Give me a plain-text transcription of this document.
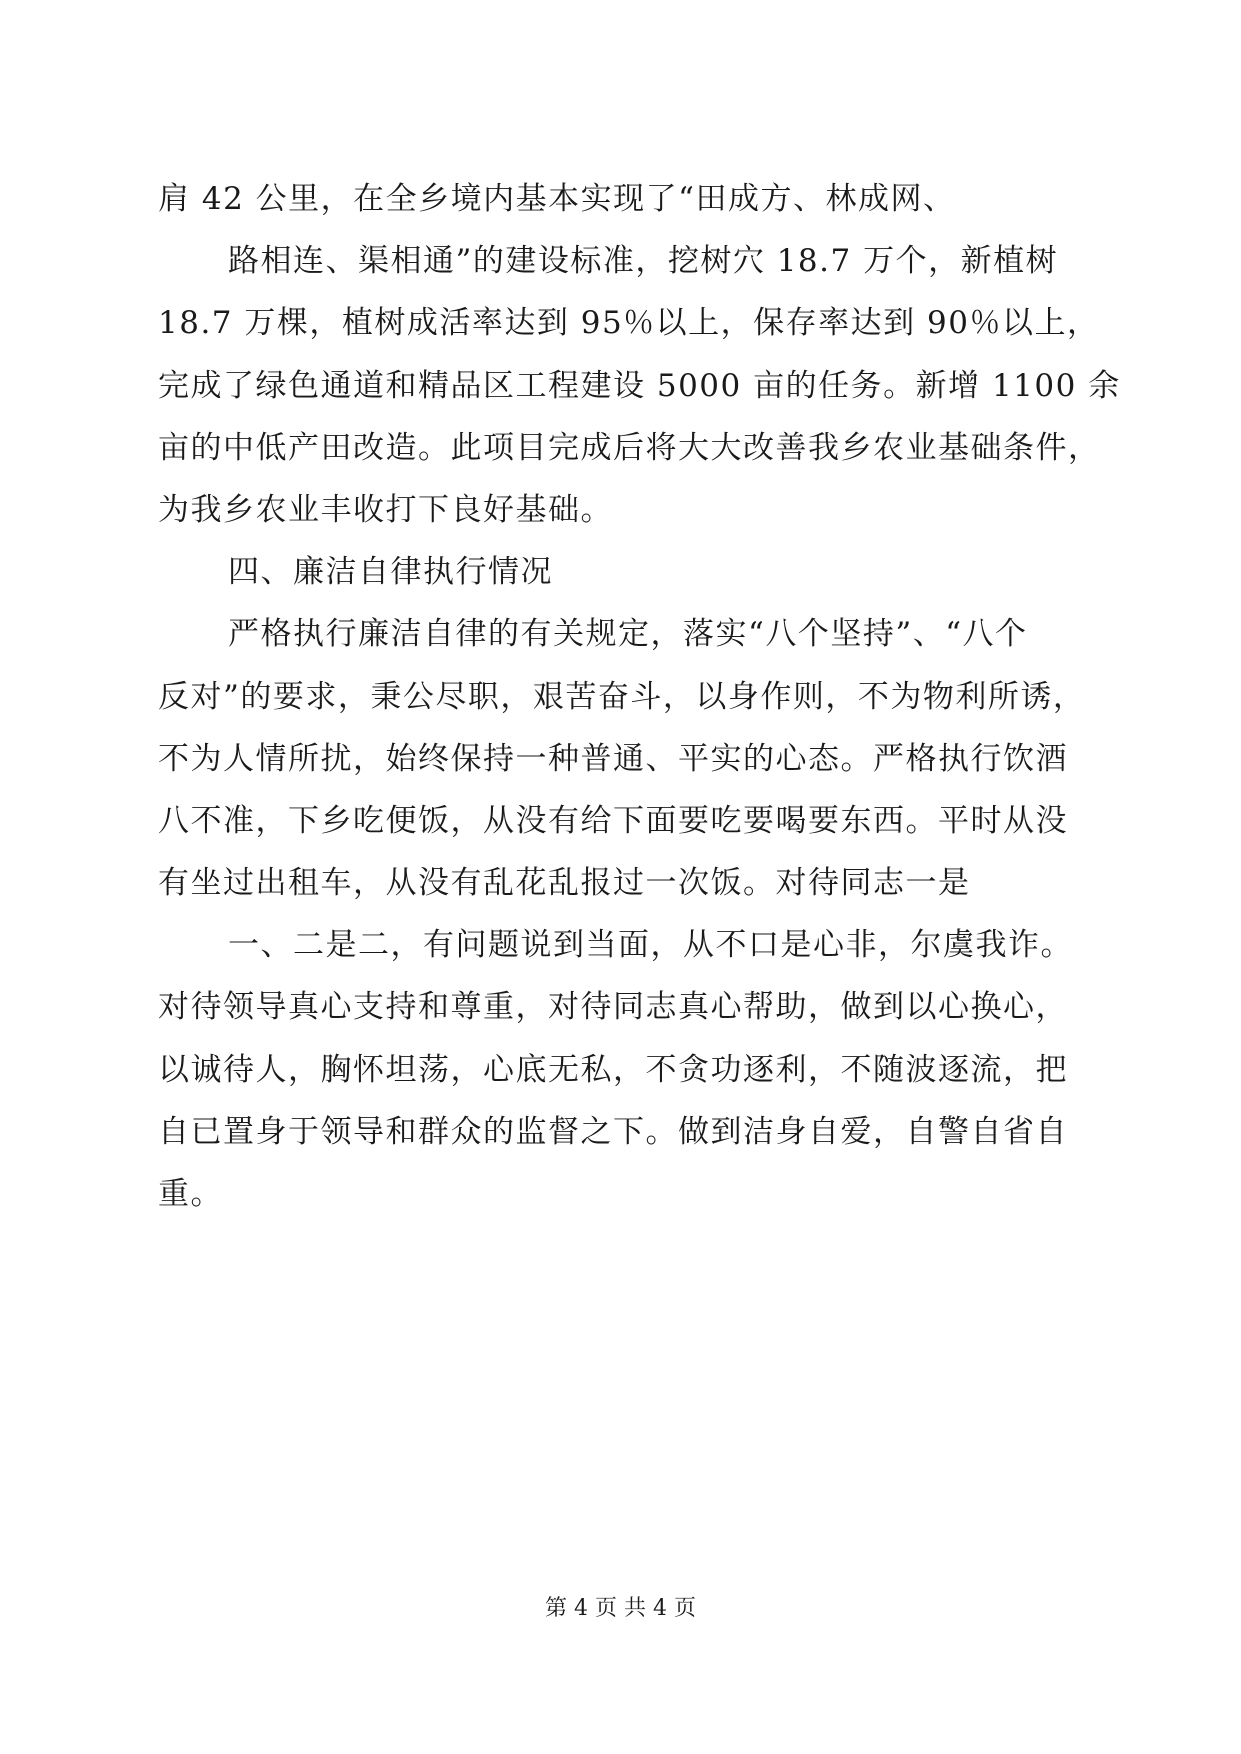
肩 42 公里，在全乡境内基本实现了“田成方、林成网、
路相连、渠相通”的建设标准，挖树穴 18.7 万个，新植树
18.7 万棵，植树成活率达到 95％以上，保存率达到 90％以上，
完成了绿色通道和精品区工程建设 5000 亩的任务。新增 1100 余
亩的中低产田改造。此项目完成后将大大改善我乡农业基础条件，
为我乡农业丰收打下良好基础。
四、廉洁自律执行情况
严格执行廉洁自律的有关规定，落实“八个坚持”、“八个
反对”的要求，秉公尽职，艰苦奋斗，以身作则，不为物利所诱，
不为人情所扰，始终保持一种普通、平实的心态。严格执行饮酒
八不准，下乡吃便饭，从没有给下面要吃要喝要东西。平时从没
有坐过出租车，从没有乱花乱报过一次饭。对待同志一是
一、二是二，有问题说到当面，从不口是心非，尔虞我诈。
对待领导真心支持和尊重，对待同志真心帮助，做到以心换心，
以诚待人，胸怀坦荡，心底无私，不贪功逐利，不随波逐流，把
自已置身于领导和群众的监督之下。做到洁身自爱，自警自省自
重。
第 4 页 共 4 页
